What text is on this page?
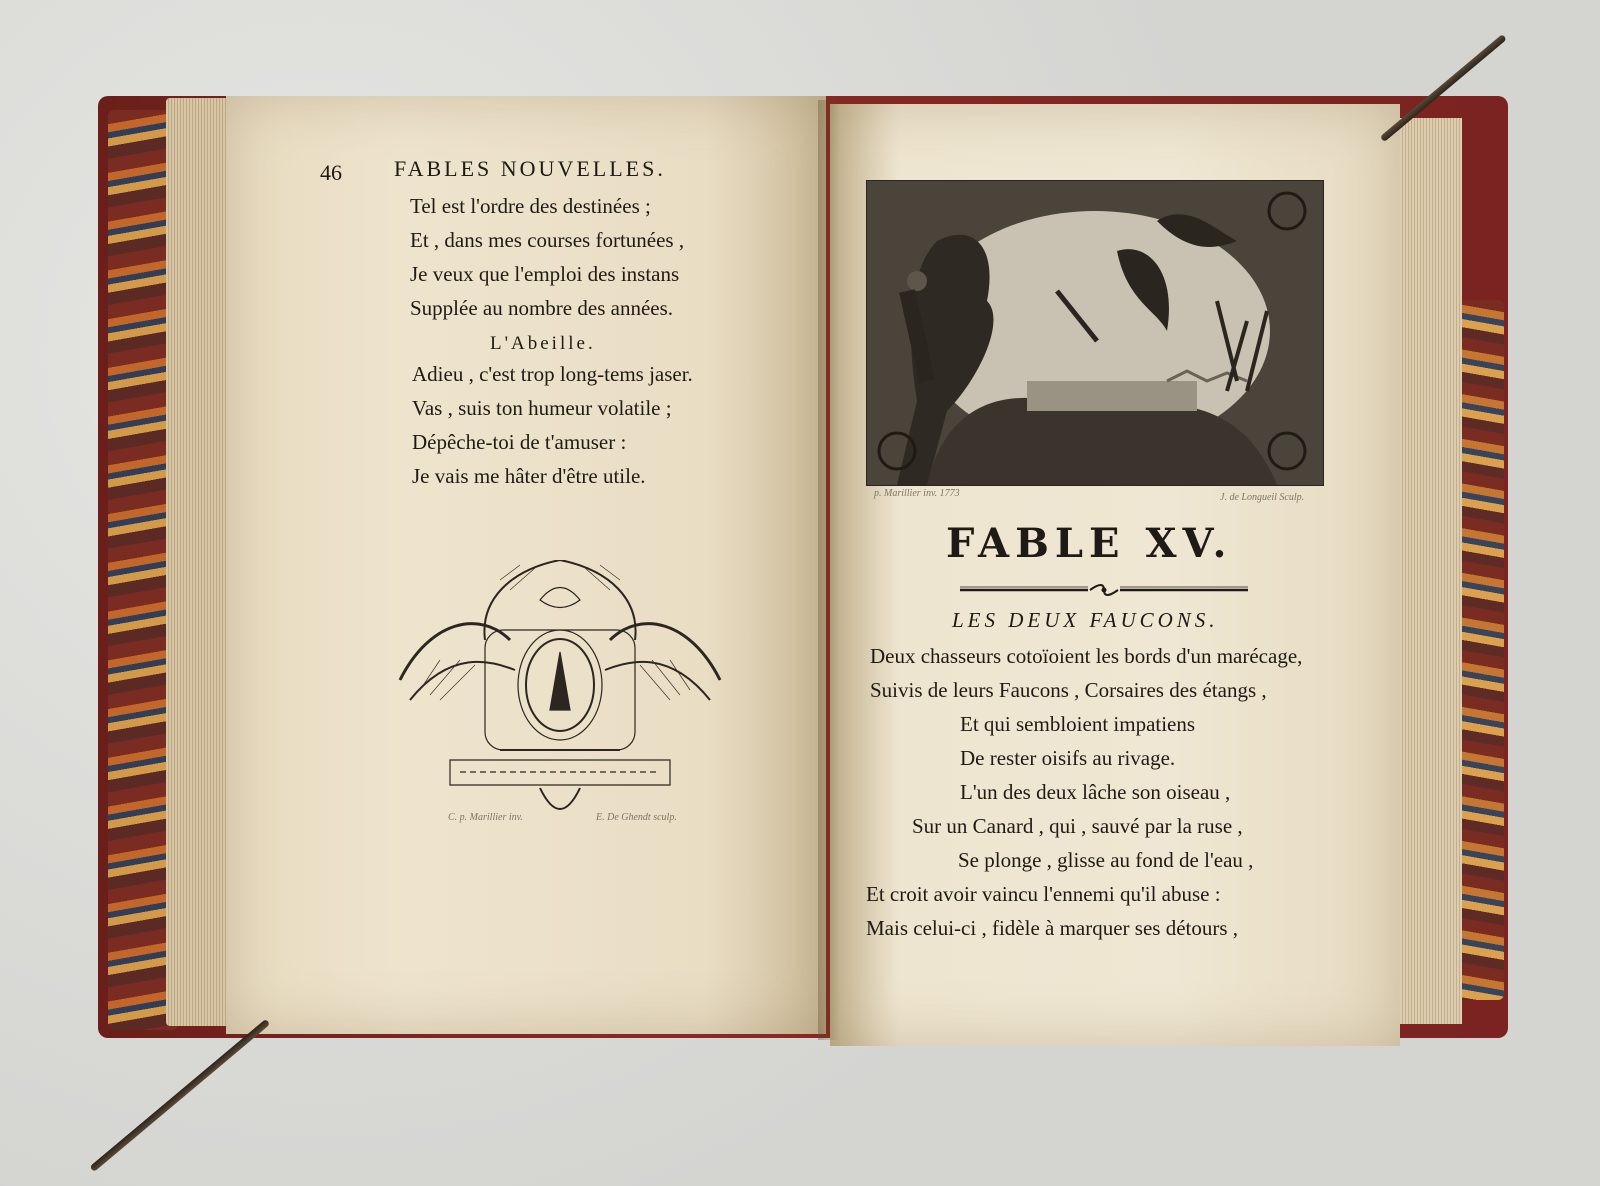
46 FABLES NOUVELLES.
Tel est l'ordre des destinées ;
Et , dans mes courses fortunées ,
Je veux que l'emploi des instans
Supplée au nombre des années.
L'Abeille.
Adieu , c'est trop long-tems jaser.
Vas , suis ton humeur volatile ;
Dépêche-toi de t'amuser :
Je vais me hâter d'être utile.
C. p. Marillier inv.	E. De Ghendt sculp.
p. Marillier inv. 1773	J. de Longueil Sculp.
FABLE XV.
LES DEUX FAUCONS.
Deux chasseurs cotoïoient les bords d'un marécage,
Suivis de leurs Faucons , Corsaires des étangs ,
Et qui sembloient impatiens
De rester oisifs au rivage.
L'un des deux lâche son oiseau ,
Sur un Canard , qui , sauvé par la ruse ,
Se plonge , glisse au fond de l'eau ,
Et croit avoir vaincu l'ennemi qu'il abuse :
Mais celui-ci , fidèle à marquer ses détours ,
